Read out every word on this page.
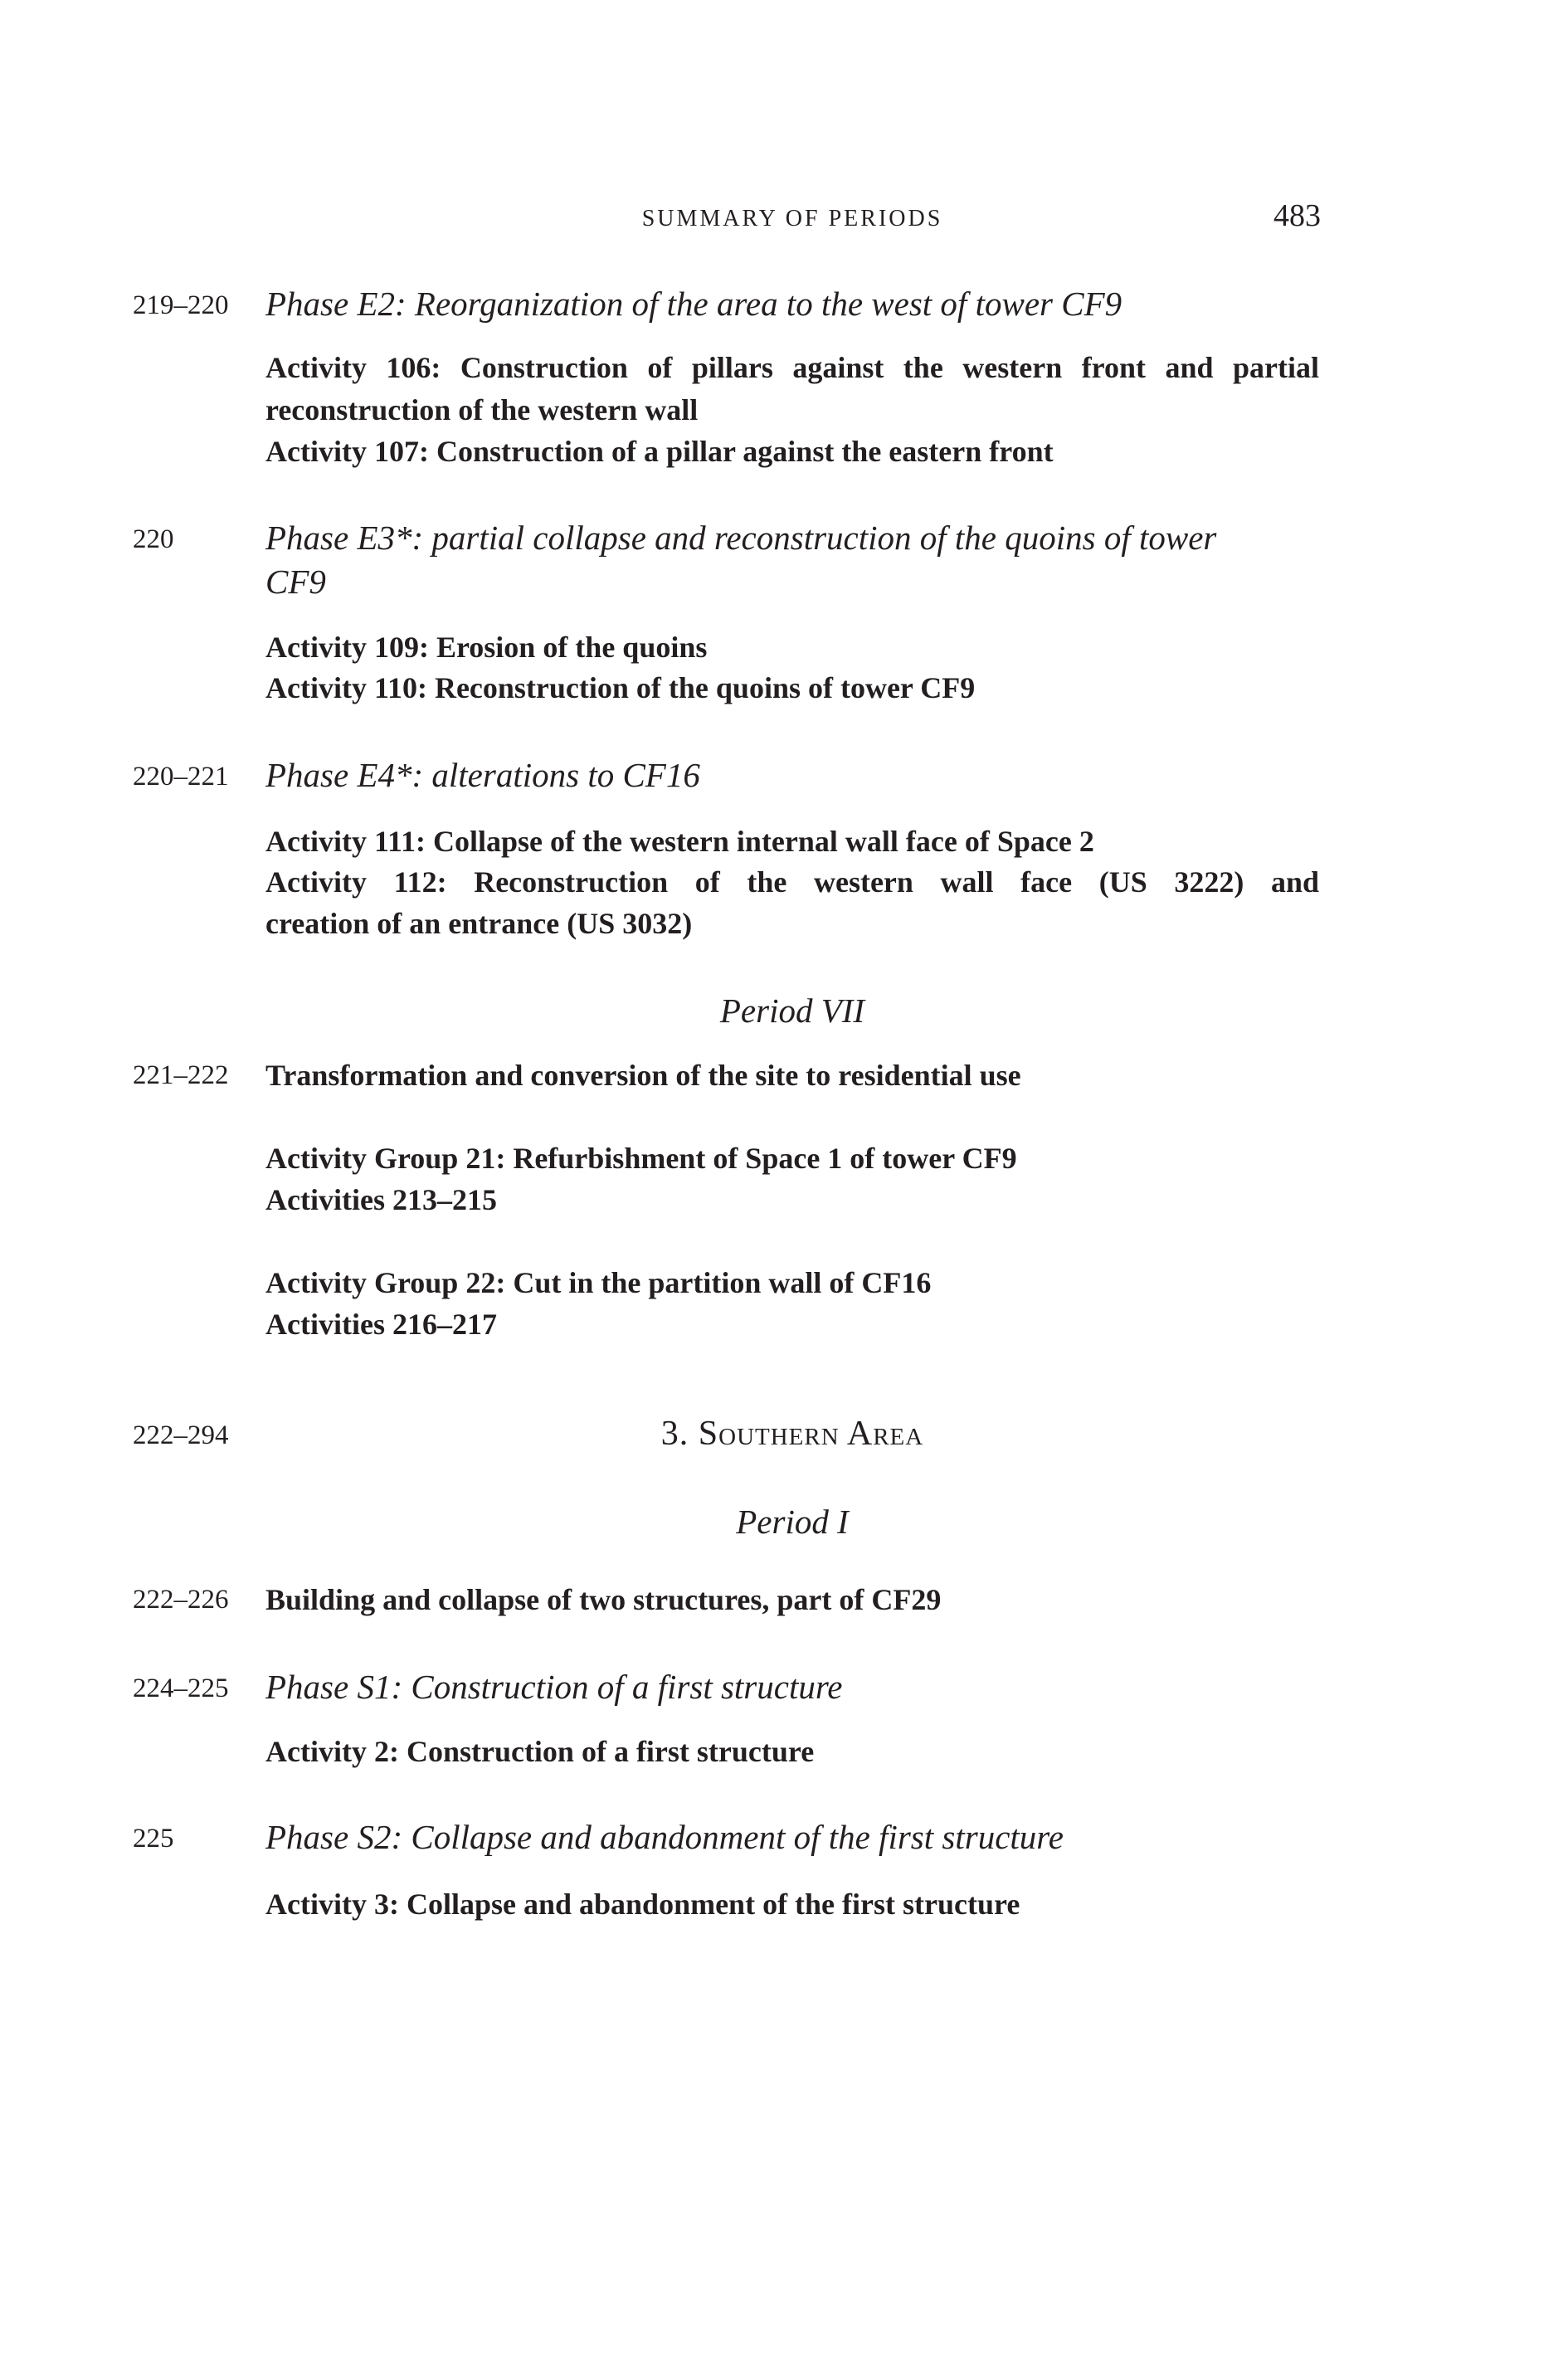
SUMMARY OF PERIODS	483
219–220 Phase E2: Reorganization of the area to the west of tower CF9
Activity 106: Construction of pillars against the western front and partial
reconstruction of the western wall
Activity 107: Construction of a pillar against the eastern front
220	Phase E3*: partial collapse and reconstruction of the quoins of tower
CF9
Activity 109: Erosion of the quoins
Activity 110: Reconstruction of the quoins of tower CF9
220–221 Phase E4*: alterations to CF16
Activity 111: Collapse of the western internal wall face of Space 2
Activity 112: Reconstruction of the western wall face (US 3222) and
creation of an entrance (US 3032)
Period VII
221–222 Transformation and conversion of the site to residential use
Activity Group 21: Refurbishment of Space 1 of tower CF9
Activities 213–215
Activity Group 22: Cut in the partition wall of CF16
Activities 216–217
222–294	3. Southern Area
Period I
222–226 Building and collapse of two structures, part of CF29
224–225 Phase S1: Construction of a first structure
Activity 2: Construction of a first structure
225	Phase S2: Collapse and abandonment of the first structure
Activity 3: Collapse and abandonment of the first structure
